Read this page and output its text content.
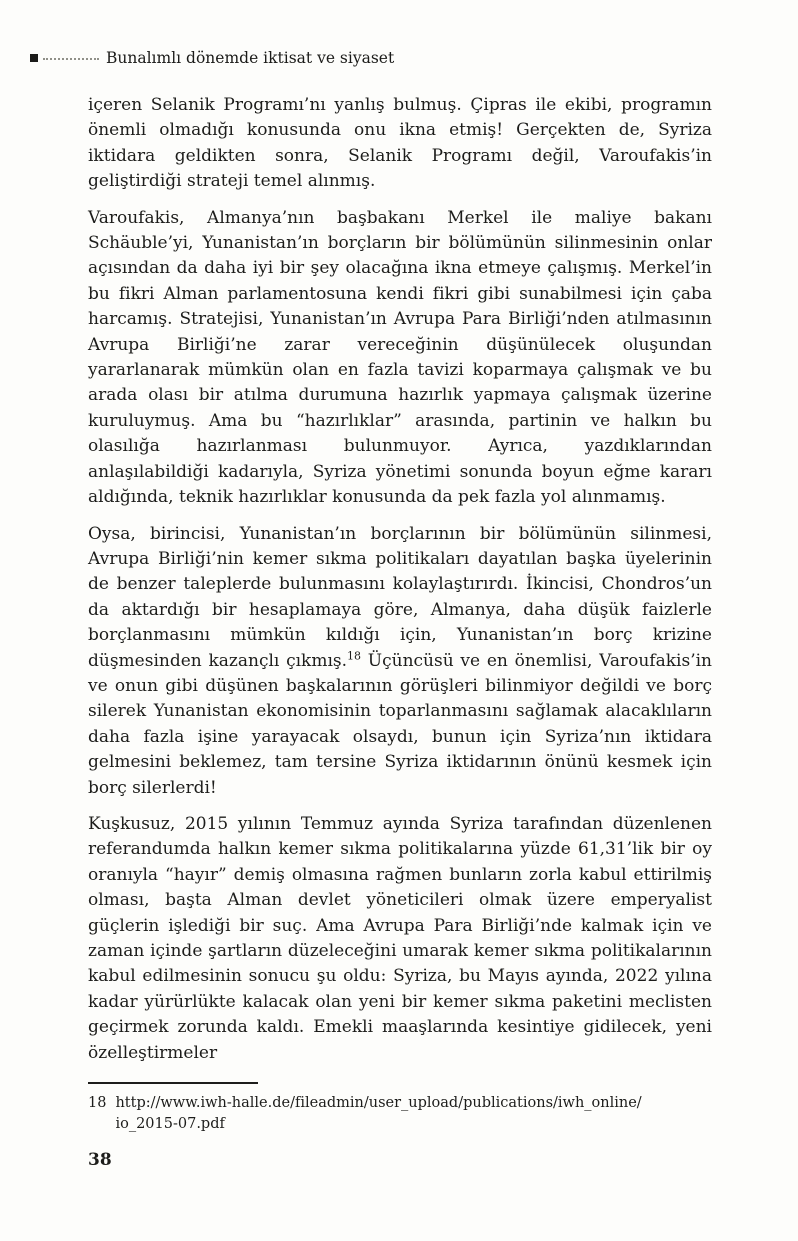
Bunalımlı dönemde iktisat ve siyaset

içeren Selanik Programı’nı yanlış bulmuş. Çipras ile ekibi, programın önemli olmadığı konusunda onu ikna etmiş! Gerçekten de, Syriza iktidara geldikten sonra, Selanik Programı değil, Varoufakis’in geliştirdiği strateji temel alınmış.

Varoufakis, Almanya’nın başbakanı Merkel ile maliye bakanı Schäuble’yi, Yunanistan’ın borçların bir bölümünün silinmesinin onlar açısından da daha iyi bir şey olacağına ikna etmeye çalışmış. Merkel’in bu fikri Alman parlamentosuna kendi fikri gibi sunabilmesi için çaba harcamış. Stratejisi, Yunanistan’ın Avrupa Para Birliği’nden atılmasının Avrupa Birliği’ne zarar vereceğinin düşünülecek oluşundan yararlanarak mümkün olan en fazla tavizi koparmaya çalışmak ve bu arada olası bir atılma durumuna hazırlık yapmaya çalışmak üzerine kuruluymuş. Ama bu “hazırlıklar” arasında, partinin ve halkın bu olasılığa hazırlanması bulunmuyor. Ayrıca, yazdıklarından anlaşılabildiği kadarıyla, Syriza yönetimi sonunda boyun eğme kararı aldığında, teknik hazırlıklar konusunda da pek fazla yol alınmamış.

Oysa, birincisi, Yunanistan’ın borçlarının bir bölümünün silinmesi, Avrupa Birliği’nin kemer sıkma politikaları dayatılan başka üyelerinin de benzer taleplerde bulunmasını kolaylaştırırdı. İkincisi, Chondros’un da aktardığı bir hesaplamaya göre, Almanya, daha düşük faizlerle borçlanmasını mümkün kıldığı için, Yunanistan’ın borç krizine düşmesinden kazançlı çıkmış.$^{18}$ Üçüncüsü ve en önemlisi, Varoufakis’in ve onun gibi düşünen başkalarının görüşleri bilinmiyor değildi ve borç silerek Yunanistan ekonomisinin toparlanmasını sağlamak alacaklıların daha fazla işine yarayacak olsaydı, bunun için Syriza’nın iktidara gelmesini beklemez, tam tersine Syriza iktidarının önünü kesmek için borç silerlerdi!

Kuşkusuz, 2015 yılının Temmuz ayında Syriza tarafından düzenlenen referandumda halkın kemer sıkma politikalarına yüzde 61,31’lik bir oy oranıyla “hayır” demiş olmasına rağmen bunların zorla kabul ettirilmiş olması, başta Alman devlet yöneticileri olmak üzere emperyalist güçlerin işlediği bir suç. Ama Avrupa Para Birliği’nde kalmak için ve zaman içinde şartların düzeleceğini umarak kemer sıkma politikalarının kabul edilmesinin sonucu şu oldu: Syriza, bu Mayıs ayında, 2022 yılına kadar yürürlükte kalacak olan yeni bir kemer sıkma paketini meclisten geçirmek zorunda kaldı. Emekli maaşlarında kesintiye gidilecek, yeni özelleştirmeler

18 http://www.iwh-halle.de/fileadmin/user_upload/publications/iwh_online/
io_2015-07.pdf
38
